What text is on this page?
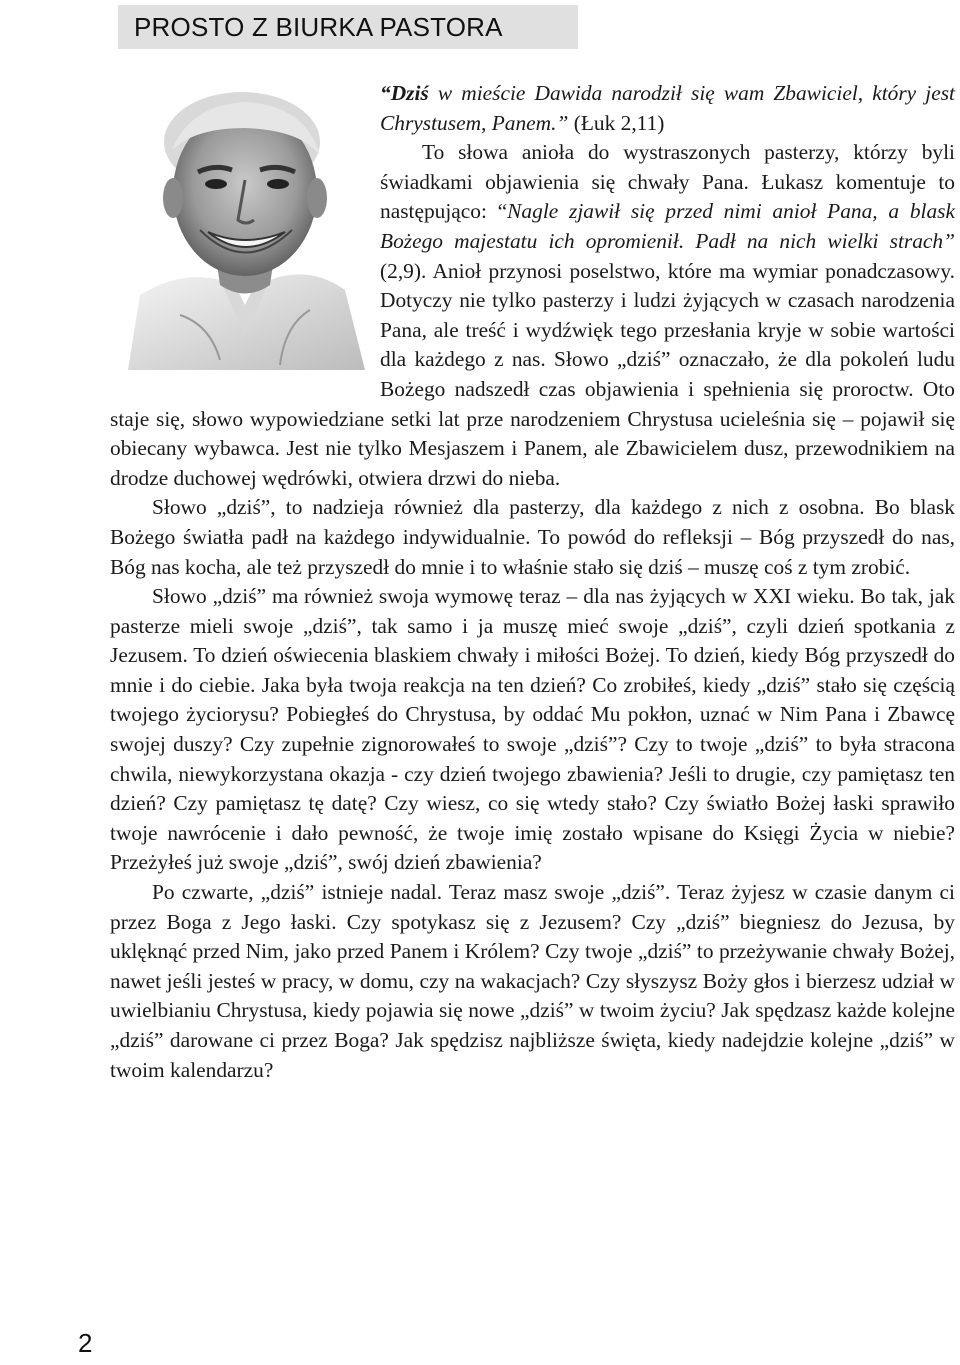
PROSTO Z BIURKA PASTORA

“Dziś w mieście Dawida narodził się wam Zbawiciel, który jest Chrystusem, Panem.” (Łuk 2,11)
To słowa anioła do wystraszonych pasterzy, którzy byli świadkami objawienia się chwały Pana. Łukasz komentuje to następująco: “Nagle zjawił się przed nimi anioł Pana, a blask Bożego majestatu ich opromienił. Padł na nich wielki strach” (2,9). Anioł przynosi poselstwo, które ma wymiar ponadczasowy. Dotyczy nie tylko pasterzy i ludzi żyjących w czasach narodzenia Pana, ale treść i wydźwięk tego przesłania kryje w sobie wartości dla każdego z nas. Słowo „dziś” oznaczało, że dla pokoleń ludu Bożego nadszedł czas objawienia i spełnienia się proroctw. Oto staje się, słowo wypowiedziane setki lat prze narodzeniem Chrystusa ucieleśnia się – pojawił się obiecany wybawca. Jest nie tylko Mesjaszem i Panem, ale Zbawicielem dusz, przewodnikiem na drodze duchowej wędrówki, otwiera drzwi do nieba.

Słowo „dziś”, to nadzieja również dla pasterzy, dla każdego z nich z osobna. Bo blask Bożego światła padł na każdego indywidualnie. To powód do refleksji – Bóg przyszedł do nas, Bóg nas kocha, ale też przyszedł do mnie i to właśnie stało się dziś – muszę coś z tym zrobić.

Słowo „dziś” ma również swoja wymowę teraz – dla nas żyjących w XXI wieku. Bo tak, jak pasterze mieli swoje „dziś”, tak samo i ja muszę mieć swoje „dziś”, czyli dzień spotkania z Jezusem. To dzień oświecenia blaskiem chwały i miłości Bożej. To dzień, kiedy Bóg przyszedł do mnie i do ciebie. Jaka była twoja reakcja na ten dzień? Co zrobiłeś, kiedy „dziś” stało się częścią twojego życiorysu? Pobiegłeś do Chrystusa, by oddać Mu pokłon, uznać w Nim Pana i Zbawcę swojej duszy? Czy zupełnie zignorowałeś to swoje „dziś”? Czy to twoje „dziś” to była stracona chwila, niewykorzystana okazja - czy dzień twojego zbawienia? Jeśli to drugie, czy pamiętasz ten dzień? Czy pamiętasz tę datę? Czy wiesz, co się wtedy stało? Czy światło Bożej łaski sprawiło twoje nawrócenie i dało pewność, że twoje imię zostało wpisane do Księgi Życia w niebie? Przeżyłeś już swoje „dziś”, swój dzień zbawienia?

Po czwarte, „dziś” istnieje nadal. Teraz masz swoje „dziś”. Teraz żyjesz w czasie danym ci przez Boga z Jego łaski. Czy spotykasz się z Jezusem? Czy „dziś” biegniesz do Jezusa, by uklęknąć przed Nim, jako przed Panem i Królem? Czy twoje „dziś” to przeżywanie chwały Bożej, nawet jeśli jesteś w pracy, w domu, czy na wakacjach? Czy słyszysz Boży głos i bierzesz udział w uwielbianiu Chrystusa, kiedy pojawia się nowe „dziś” w twoim życiu? Jak spędzasz każde kolejne „dziś” darowane ci przez Boga? Jak spędzisz najbliższe święta, kiedy nadejdzie kolejne „dziś” w twoim kalendarzu?

2
